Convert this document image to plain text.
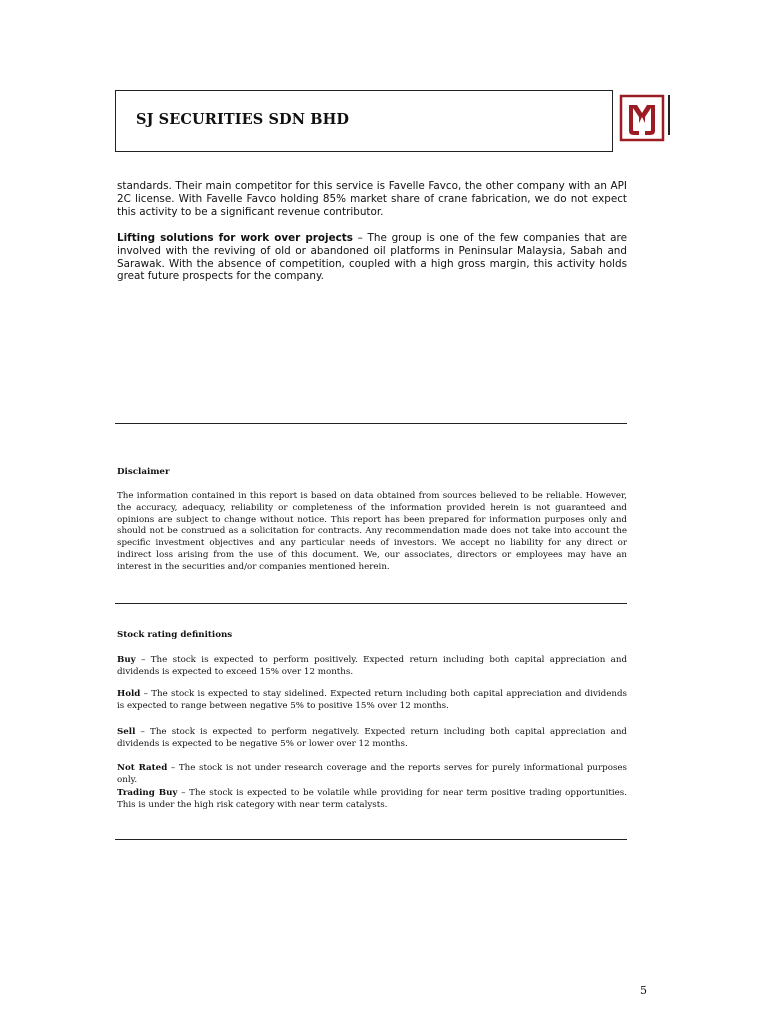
SJ SECURITIES SDN BHD

standards. Their main competitor for this service is Favelle Favco, the other company with an API 2C license. With Favelle Favco holding 85% market share of crane fabrication, we do not expect this activity to be a significant revenue contributor.

Lifting solutions for work over projects – The group is one of the few companies that are involved with the reviving of old or abandoned oil platforms in Peninsular Malaysia, Sabah and Sarawak. With the absence of competition, coupled with a high gross margin, this activity holds great future prospects for the company.

Disclaimer

The information contained in this report is based on data obtained from sources believed to be reliable. However, the accuracy, adequacy, reliability or completeness of the information provided herein is not guaranteed and opinions are subject to change without notice. This report has been prepared for information purposes only and should not be construed as a solicitation for contracts. Any recommendation made does not take into account the specific investment objectives and any particular needs of investors. We accept no liability for any direct or indirect loss arising from the use of this document. We, our associates, directors or employees may have an interest in the securities and/or companies mentioned herein.

Stock rating definitions

Buy – The stock is expected to perform positively. Expected return including both capital appreciation and dividends is expected to exceed 15% over 12 months.

Hold – The stock is expected to stay sidelined. Expected return including both capital appreciation and dividends is expected to range between negative 5% to positive 15% over 12 months.

Sell – The stock is expected to perform negatively. Expected return including both capital appreciation and dividends is expected to be negative 5% or lower over 12 months.

Not Rated – The stock is not under research coverage and the reports serves for purely informational purposes only.

Trading Buy – The stock is expected to be volatile while providing for near term positive trading opportunities. This is under the high risk category with near term catalysts.

5
